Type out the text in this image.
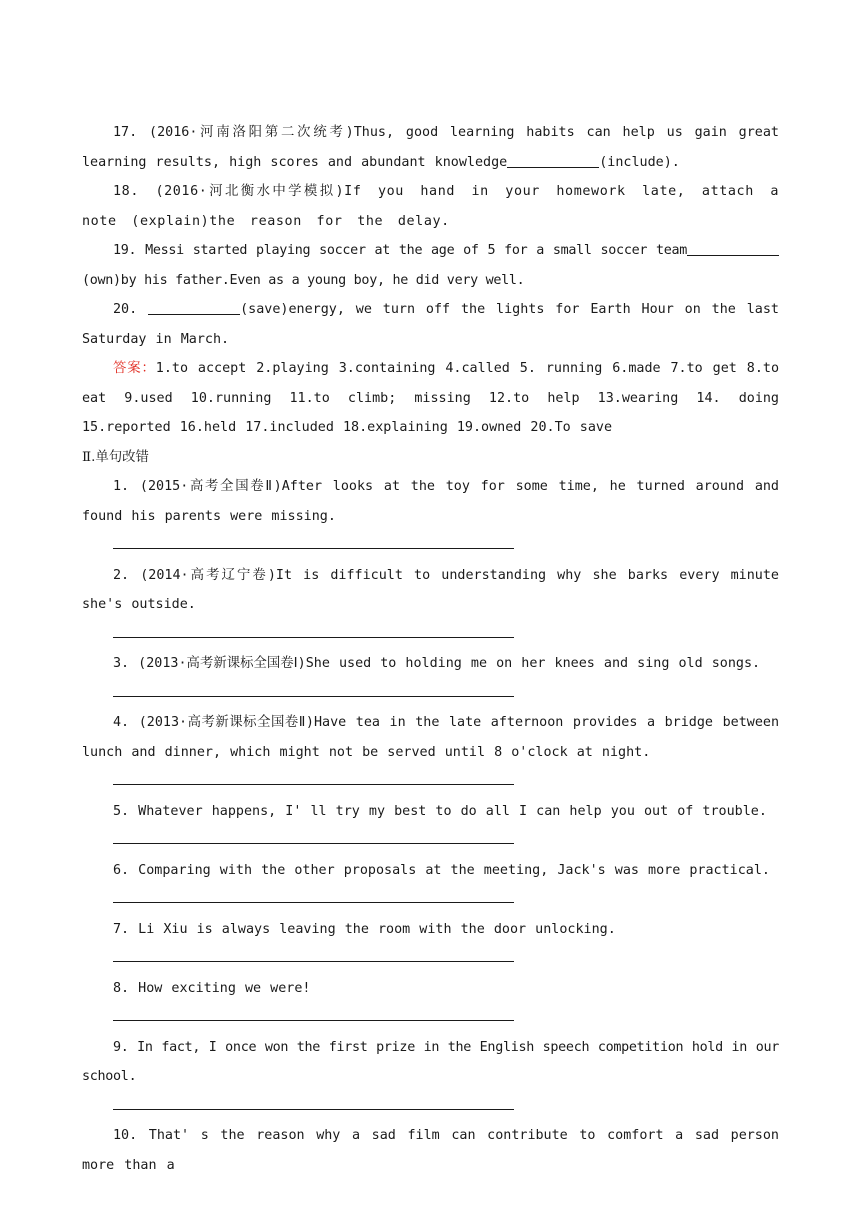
17. (2016·河南洛阳第二次统考)Thus, good learning habits can help us gain great learning results, high scores and abundant knowledge	(include).

18. (2016·河北衡水中学模拟)If you hand in your homework late, attach a note (explain)the reason for the delay.

19. Messi started playing soccer at the age of 5 for a small soccer team(own)by his father.Even as a young boy, he did very well.

20.	(save)energy, we turn off the lights for Earth Hour on the last Saturday in March.

答案：1.to accept 2.playing 3.containing 4.called 5. running 6.made 7.to get 8.to eat 9.used 10.running 11.to climb; missing 12.to help 13.wearing 14. doing 15.reported 16.held 17.included 18.explaining 19.owned 20.To save

Ⅱ.单句改错

1. (2015·高考全国卷Ⅱ)After looks at the toy for some time, he turned around and found his parents were missing.

2. (2014·高考辽宁卷)It is difficult to understanding why she barks every minute she's outside.

3. (2013·高考新课标全国卷Ⅰ)She used to holding me on her knees and sing old songs.

4. (2013·高考新课标全国卷Ⅱ)Have tea in the late afternoon provides a bridge between lunch and dinner, which might not be served until 8 o'clock at night.

5. Whatever happens, I' ll try my best to do all I can help you out of trouble.

6. Comparing with the other proposals at the meeting, Jack's was more practical.

7. Li Xiu is always leaving the room with the door unlocking.

8. How exciting we were!

9. In fact, I once won the first prize in the English speech competition hold in our school.

10. That' s the reason why a sad film can contribute to comfort a sad person more than a
